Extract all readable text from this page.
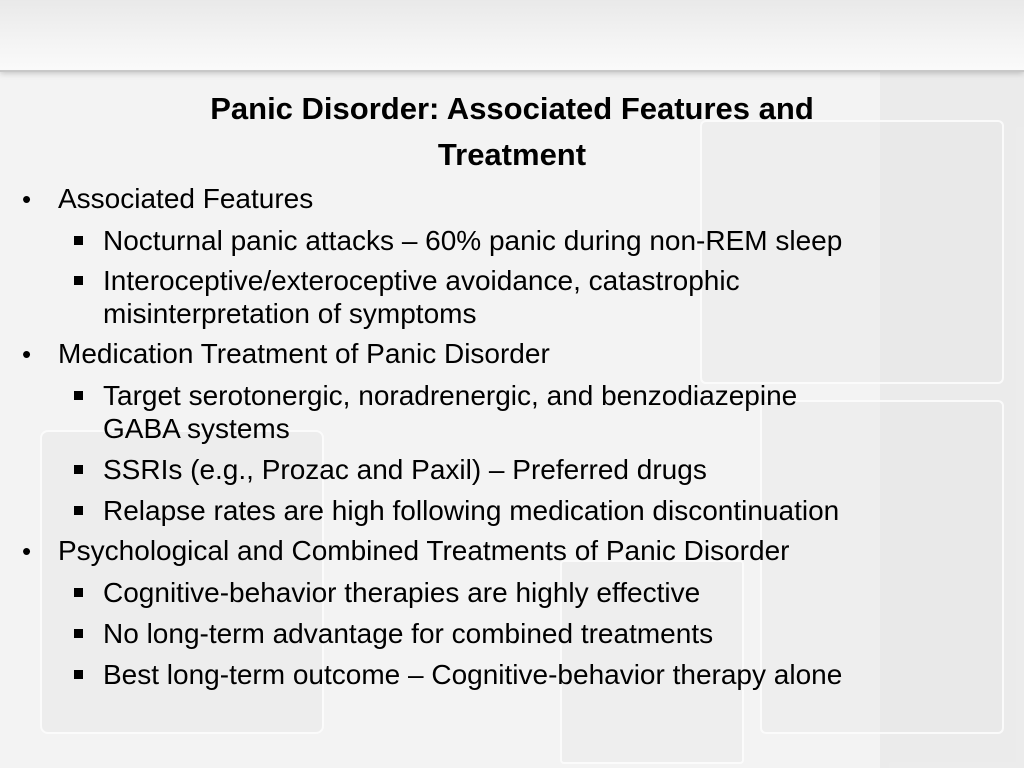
Panic Disorder: Associated Features and
Treatment
• Associated Features
Nocturnal panic attacks – 60% panic during non-REM sleep
Interoceptive/exteroceptive avoidance, catastrophic
misinterpretation of symptoms
• Medication Treatment of Panic Disorder
Target serotonergic, noradrenergic, and benzodiazepine
GABA systems
SSRIs (e.g., Prozac and Paxil) – Preferred drugs
Relapse rates are high following medication discontinuation
• Psychological and Combined Treatments of Panic Disorder
Cognitive-behavior therapies are highly effective
No long-term advantage for combined treatments
Best long-term outcome – Cognitive-behavior therapy alone
